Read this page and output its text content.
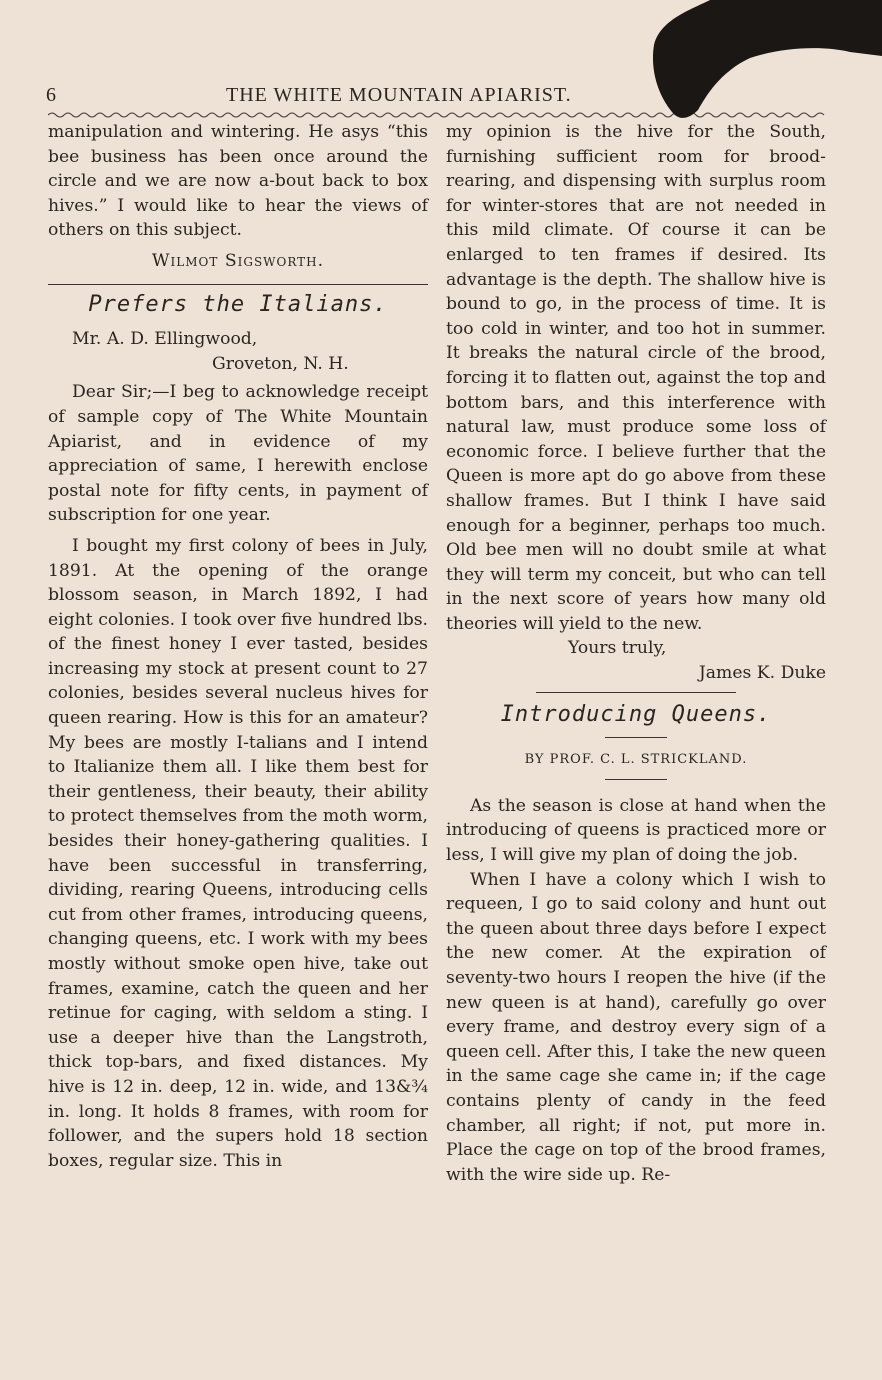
6	THE WHITE MOUNTAIN APIARIST.

manipulation and wintering. He asys “this bee business has been once around the circle and we are now a-bout back to box hives.” I would like to hear the views of others on this subject.

Wilmot Sigsworth.

Prefers the Italians.

Mr. A. D. Ellingwood,

Groveton, N. H.

Dear Sir;—I beg to acknowledge receipt of sample copy of The White Mountain Apiarist, and in evidence of my appreciation of same, I herewith enclose postal note for fifty cents, in payment of subscription for one year.

I bought my first colony of bees in July, 1891. At the opening of the orange blossom season, in March 1892, I had eight colonies. I took over five hundred lbs. of the finest honey I ever tasted, besides increasing my stock at present count to 27 colonies, besides several nucleus hives for queen rearing. How is this for an amateur? My bees are mostly I-talians and I intend to Italianize them all. I like them best for their gentleness, their beauty, their ability to protect themselves from the moth worm, besides their honey-gathering qualities. I have been successful in transferring, dividing, rearing Queens, introducing cells cut from other frames, introducing queens, changing queens, etc. I work with my bees mostly without smoke open hive, take out frames, examine, catch the queen and her retinue for caging, with seldom a sting. I use a deeper hive than the Langstroth, thick top-bars, and fixed distances. My hive is 12 in. deep, 12 in. wide, and 13&¾ in. long. It holds 8 frames, with room for follower, and the supers hold 18 section boxes, regular size. This in

my opinion is the hive for the South, furnishing sufficient room for brood-rearing, and dispensing with surplus room for winter-stores that are not needed in this mild climate. Of course it can be enlarged to ten frames if desired. Its advantage is the depth. The shallow hive is bound to go, in the process of time. It is too cold in winter, and too hot in summer. It breaks the natural circle of the brood, forcing it to flatten out, against the top and bottom bars, and this interference with natural law, must produce some loss of economic force. I believe further that the Queen is more apt do go above from these shallow frames. But I think I have said enough for a beginner, perhaps too much. Old bee men will no doubt smile at what they will term my conceit, but who can tell in the next score of years how many old theories will yield to the new.

Yours truly,

James K. Duke

Introducing Queens.

BY PROF. C. L. STRICKLAND.

As the season is close at hand when the introducing of queens is practiced more or less, I will give my plan of doing the job.

When I have a colony which I wish to requeen, I go to said colony and hunt out the queen about three days before I expect the new comer. At the expiration of seventy-two hours I reopen the hive (if the new queen is at hand), carefully go over every frame, and destroy every sign of a queen cell. After this, I take the new queen in the same cage she came in; if the cage contains plenty of candy in the feed chamber, all right; if not, put more in. Place the cage on top of the brood frames, with the wire side up. Re-
